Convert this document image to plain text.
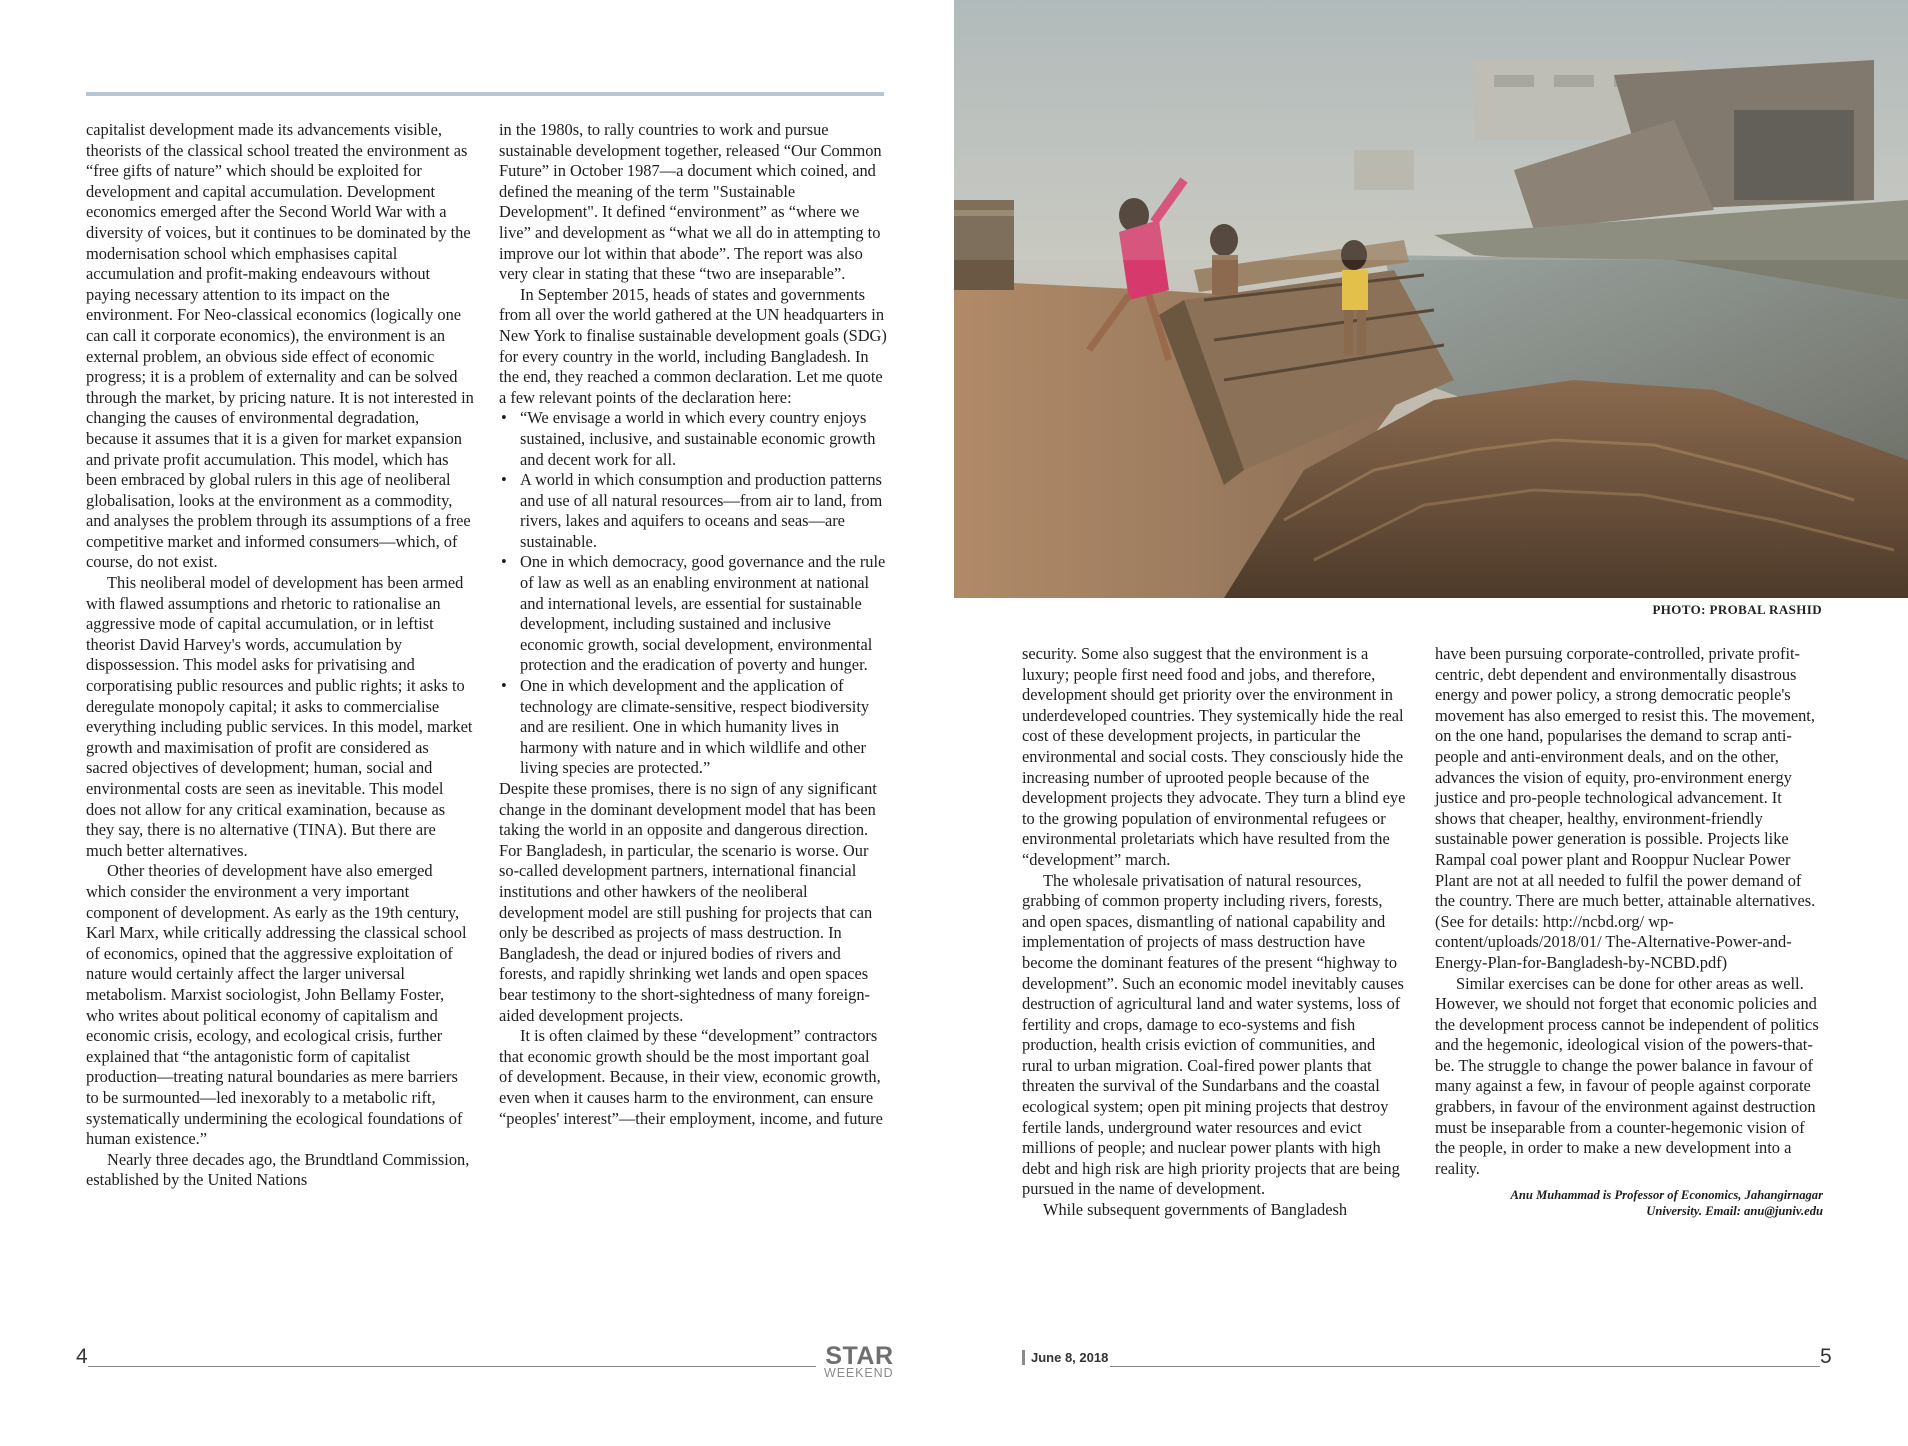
capitalist development made its advancements visible, theorists of the classical school treated the environment as “free gifts of nature” which should be exploited for development and capital accumulation. Development economics emerged after the Second World War with a diversity of voices, but it continues to be dominated by the modernisation school which emphasises capital accumulation and profit-making endeavours without paying necessary attention to its impact on the environment. For Neo-classical economics (logically one can call it corporate economics), the environment is an external problem, an obvious side effect of economic progress; it is a problem of externality and can be solved through the market, by pricing nature. It is not interested in changing the causes of environmental degradation, because it assumes that it is a given for market expansion and private profit accumulation. This model, which has been embraced by global rulers in this age of neoliberal globalisation, looks at the environment as a commodity, and analyses the problem through its assumptions of a free competitive market and informed consumers—which, of course, do not exist.

This neoliberal model of development has been armed with flawed assumptions and rhetoric to rationalise an aggressive mode of capital accumulation, or in leftist theorist David Harvey's words, accumulation by dispossession. This model asks for privatising and corporatising public resources and public rights; it asks to deregulate monopoly capital; it asks to commercialise everything including public services. In this model, market growth and maximisation of profit are considered as sacred objectives of development; human, social and environmental costs are seen as inevitable. This model does not allow for any critical examination, because as they say, there is no alternative (TINA). But there are much better alternatives.

Other theories of development have also emerged which consider the environment a very important component of development. As early as the 19th century, Karl Marx, while critically addressing the classical school of economics, opined that the aggressive exploitation of nature would certainly affect the larger universal metabolism. Marxist sociologist, John Bellamy Foster, who writes about political economy of capitalism and economic crisis, ecology, and ecological crisis, further explained that “the antagonistic form of capitalist production—treating natural boundaries as mere barriers to be surmounted—led inexorably to a metabolic rift, systematically undermining the ecological foundations of human existence.”

Nearly three decades ago, the Brundtland Commission, established by the United Nations

in the 1980s, to rally countries to work and pursue sustainable development together, released “Our Common Future” in October 1987—a document which coined, and defined the meaning of the term "Sustainable Development". It defined “environment” as “where we live” and development as “what we all do in attempting to improve our lot within that abode”. The report was also very clear in stating that these “two are inseparable”.

In September 2015, heads of states and governments from all over the world gathered at the UN headquarters in New York to finalise sustainable development goals (SDG) for every country in the world, including Bangladesh. In the end, they reached a common declaration. Let me quote a few relevant points of the declaration here:

• “We envisage a world in which every country enjoys sustained, inclusive, and sustainable economic growth and decent work for all.
• A world in which consumption and production patterns and use of all natural resources—from air to land, from rivers, lakes and aquifers to oceans and seas—are sustainable.
• One in which democracy, good governance and the rule of law as well as an enabling environment at national and international levels, are essential for sustainable development, including sustained and inclusive economic growth, social development, environmental protection and the eradication of poverty and hunger.
• One in which development and the application of technology are climate-sensitive, respect biodiversity and are resilient. One in which humanity lives in harmony with nature and in which wildlife and other living species are protected.”

Despite these promises, there is no sign of any significant change in the dominant development model that has been taking the world in an opposite and dangerous direction. For Bangladesh, in particular, the scenario is worse. Our so-called development partners, international financial institutions and other hawkers of the neoliberal development model are still pushing for projects that can only be described as projects of mass destruction. In Bangladesh, the dead or injured bodies of rivers and forests, and rapidly shrinking wet lands and open spaces bear testimony to the short-sightedness of many foreign-aided development projects.

It is often claimed by these “development” contractors that economic growth should be the most important goal of development. Because, in their view, economic growth, even when it causes harm to the environment, can ensure “peoples' interest”—their employment, income, and future

PHOTO: PROBAL RASHID

security. Some also suggest that the environment is a luxury; people first need food and jobs, and therefore, development should get priority over the environment in underdeveloped countries. They systemically hide the real cost of these development projects, in particular the environmental and social costs. They consciously hide the increasing number of uprooted people because of the development projects they advocate. They turn a blind eye to the growing population of environmental refugees or environmental proletariats which have resulted from the “development” march.

The wholesale privatisation of natural resources, grabbing of common property including rivers, forests, and open spaces, dismantling of national capability and implementation of projects of mass destruction have become the dominant features of the present “highway to development”. Such an economic model inevitably causes destruction of agricultural land and water systems, loss of fertility and crops, damage to eco-systems and fish production, health crisis eviction of communities, and rural to urban migration. Coal-fired power plants that threaten the survival of the Sundarbans and the coastal ecological system; open pit mining projects that destroy fertile lands, underground water resources and evict millions of people; and nuclear power plants with high debt and high risk are high priority projects that are being pursued in the name of development.

While subsequent governments of Bangladesh

have been pursuing corporate-controlled, private profit-centric, debt dependent and environmentally disastrous energy and power policy, a strong democratic people's movement has also emerged to resist this. The movement, on the one hand, popularises the demand to scrap anti-people and anti-environment deals, and on the other, advances the vision of equity, pro-environment energy justice and pro-people technological advancement. It shows that cheaper, healthy, environment-friendly sustainable power generation is possible. Projects like Rampal coal power plant and Rooppur Nuclear Power Plant are not at all needed to fulfil the power demand of the country. There are much better, attainable alternatives. (See for details: http://ncbd.org/ wp-content/uploads/2018/01/ The-Alternative-Power-and-Energy-Plan-for-Bangladesh-by-NCBD.pdf)

Similar exercises can be done for other areas as well. However, we should not forget that economic policies and the development process cannot be independent of politics and the hegemonic, ideological vision of the powers-that-be. The struggle to change the power balance in favour of many against a few, in favour of people against corporate grabbers, in favour of the environment against destruction must be inseparable from a counter-hegemonic vision of the people, in order to make a new development into a reality.

Anu Muhammad is Professor of Economics, Jahangirnagar
University. Email: anu@juniv.edu
4	STAR
WEEKEND
June 8, 2018	5
